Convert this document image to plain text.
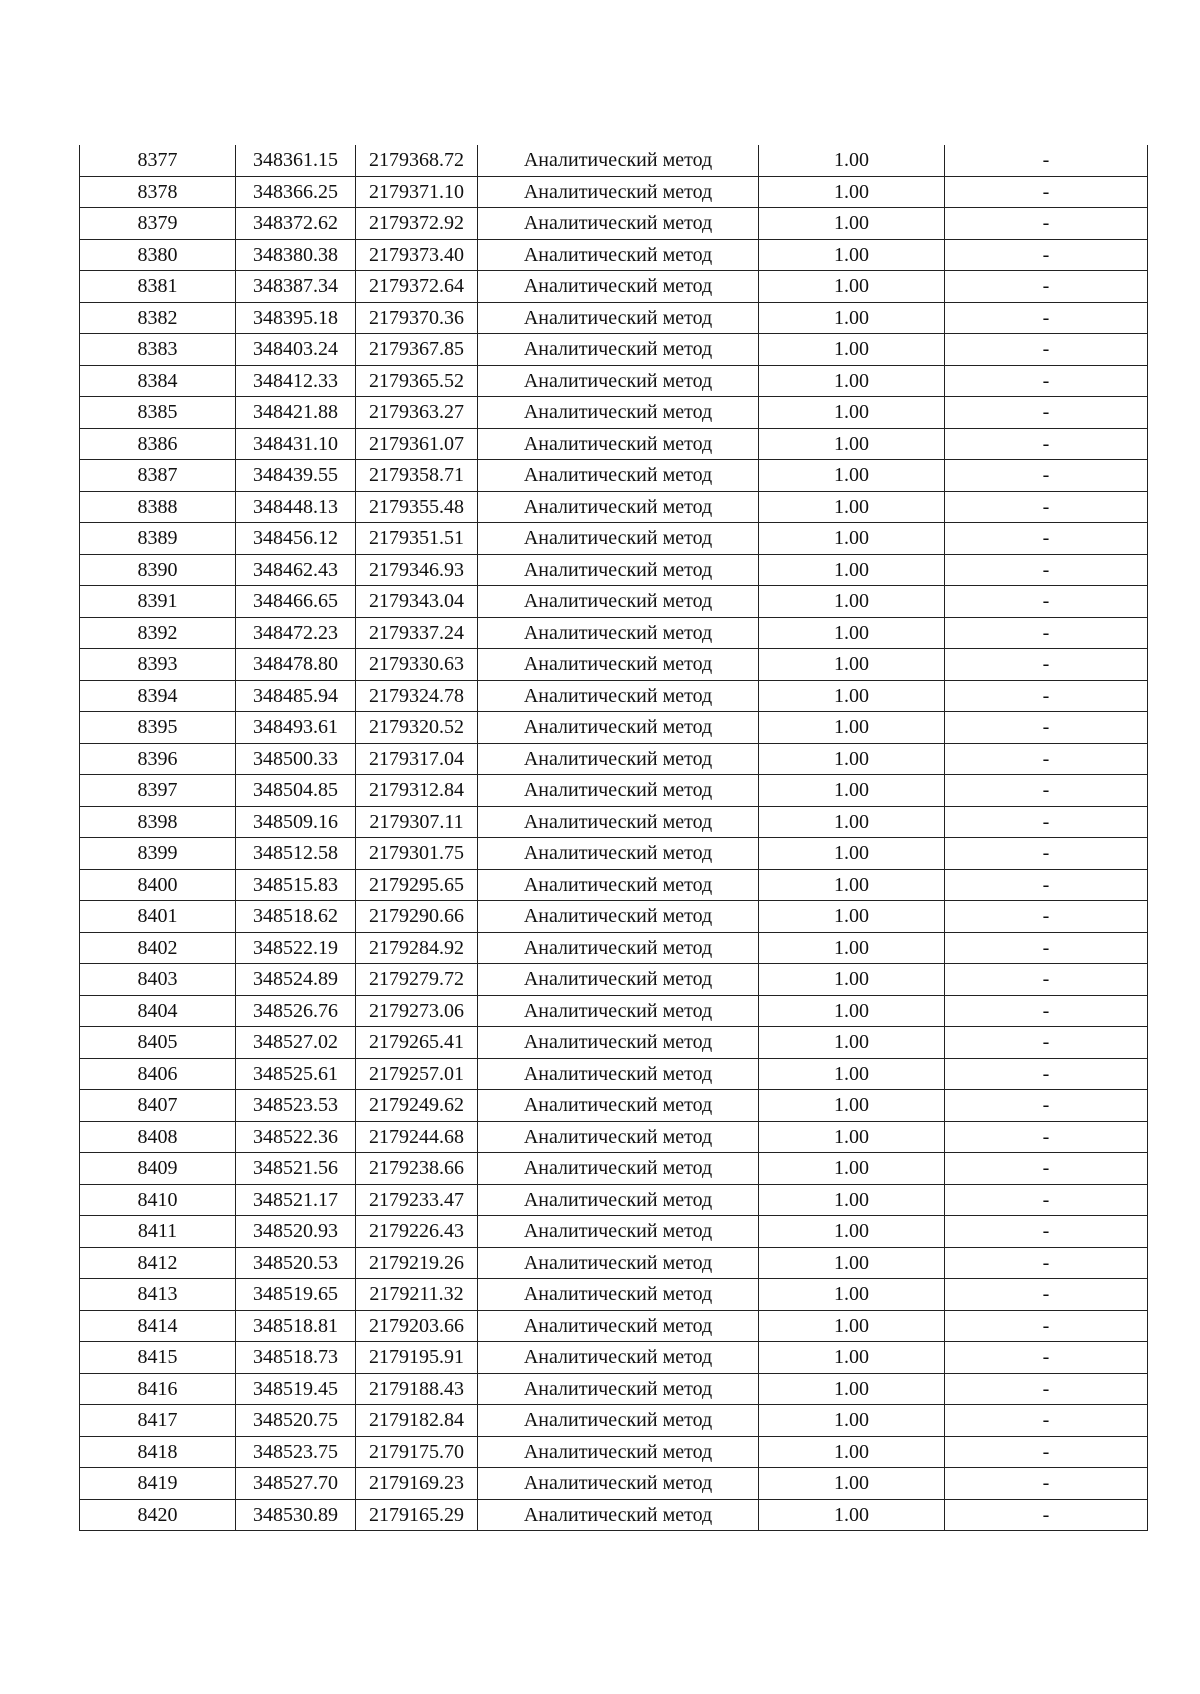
8377	348361.15	2179368.72	Аналитический метод	1.00	-
8378	348366.25	2179371.10	Аналитический метод	1.00	-
8379	348372.62	2179372.92	Аналитический метод	1.00	-
8380	348380.38	2179373.40	Аналитический метод	1.00	-
8381	348387.34	2179372.64	Аналитический метод	1.00	-
8382	348395.18	2179370.36	Аналитический метод	1.00	-
8383	348403.24	2179367.85	Аналитический метод	1.00	-
8384	348412.33	2179365.52	Аналитический метод	1.00	-
8385	348421.88	2179363.27	Аналитический метод	1.00	-
8386	348431.10	2179361.07	Аналитический метод	1.00	-
8387	348439.55	2179358.71	Аналитический метод	1.00	-
8388	348448.13	2179355.48	Аналитический метод	1.00	-
8389	348456.12	2179351.51	Аналитический метод	1.00	-
8390	348462.43	2179346.93	Аналитический метод	1.00	-
8391	348466.65	2179343.04	Аналитический метод	1.00	-
8392	348472.23	2179337.24	Аналитический метод	1.00	-
8393	348478.80	2179330.63	Аналитический метод	1.00	-
8394	348485.94	2179324.78	Аналитический метод	1.00	-
8395	348493.61	2179320.52	Аналитический метод	1.00	-
8396	348500.33	2179317.04	Аналитический метод	1.00	-
8397	348504.85	2179312.84	Аналитический метод	1.00	-
8398	348509.16	2179307.11	Аналитический метод	1.00	-
8399	348512.58	2179301.75	Аналитический метод	1.00	-
8400	348515.83	2179295.65	Аналитический метод	1.00	-
8401	348518.62	2179290.66	Аналитический метод	1.00	-
8402	348522.19	2179284.92	Аналитический метод	1.00	-
8403	348524.89	2179279.72	Аналитический метод	1.00	-
8404	348526.76	2179273.06	Аналитический метод	1.00	-
8405	348527.02	2179265.41	Аналитический метод	1.00	-
8406	348525.61	2179257.01	Аналитический метод	1.00	-
8407	348523.53	2179249.62	Аналитический метод	1.00	-
8408	348522.36	2179244.68	Аналитический метод	1.00	-
8409	348521.56	2179238.66	Аналитический метод	1.00	-
8410	348521.17	2179233.47	Аналитический метод	1.00	-
8411	348520.93	2179226.43	Аналитический метод	1.00	-
8412	348520.53	2179219.26	Аналитический метод	1.00	-
8413	348519.65	2179211.32	Аналитический метод	1.00	-
8414	348518.81	2179203.66	Аналитический метод	1.00	-
8415	348518.73	2179195.91	Аналитический метод	1.00	-
8416	348519.45	2179188.43	Аналитический метод	1.00	-
8417	348520.75	2179182.84	Аналитический метод	1.00	-
8418	348523.75	2179175.70	Аналитический метод	1.00	-
8419	348527.70	2179169.23	Аналитический метод	1.00	-
8420	348530.89	2179165.29	Аналитический метод	1.00	-
